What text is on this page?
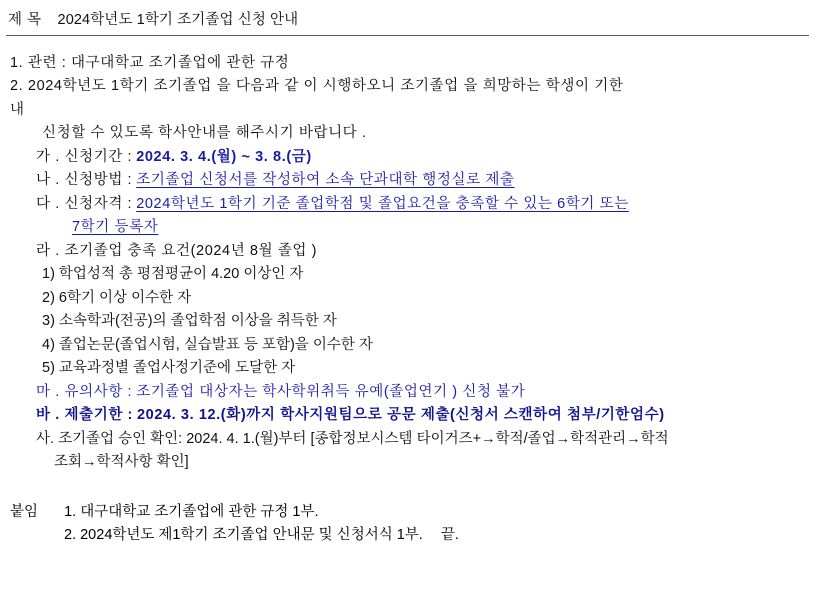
제 목 2024학년도 1학기 조기졸업 신청 안내
1. 관련 : 대구대학교 조기졸업에 관한 규정
2. 2024학년도 1학기 조기졸업 을 다음과 같 이 시행하오니 조기졸업 을 희망하는 학생이 기한
내
신청할 수 있도록 학사안내를 해주시기 바랍니다 .
가 . 신청기간 : 2024. 3. 4.(월) ~ 3. 8.(금)
나 . 신청방법 : 조기졸업 신청서를 작성하여 소속 단과대학 행정실로 제출
다 . 신청자격 : 2024학년도 1학기 기준 졸업학점 및 졸업요건을 충족할 수 있는 6학기 또는
7학기 등록자
라 . 조기졸업 충족 요건(2024년 8월 졸업 )
1) 학업성적 총 평점평균이 4.20 이상인 자
2) 6학기 이상 이수한 자
3) 소속학과(전공)의 졸업학점 이상을 취득한 자
4) 졸업논문(졸업시험, 실습발표 등 포함)을 이수한 자
5) 교육과정별 졸업사정기준에 도달한 자
마 . 유의사항 : 조기졸업 대상자는 학사학위취득 유예(졸업연기 ) 신청 불가
바 . 제출기한 : 2024. 3. 12.(화)까지 학사지원팀으로 공문 제출(신청서 스캔하여 첨부/기한엄수)
사. 조기졸업 승인 확인: 2024. 4. 1.(월)부터 [종합정보시스템 타이거즈+→학적/졸업→학적관리→학적
조회→학적사항 확인]
붙임 1. 대구대학교 조기졸업에 관한 규정 1부.
2. 2024학년도 제1학기 조기졸업 안내문 및 신청서식 1부. 끝.
